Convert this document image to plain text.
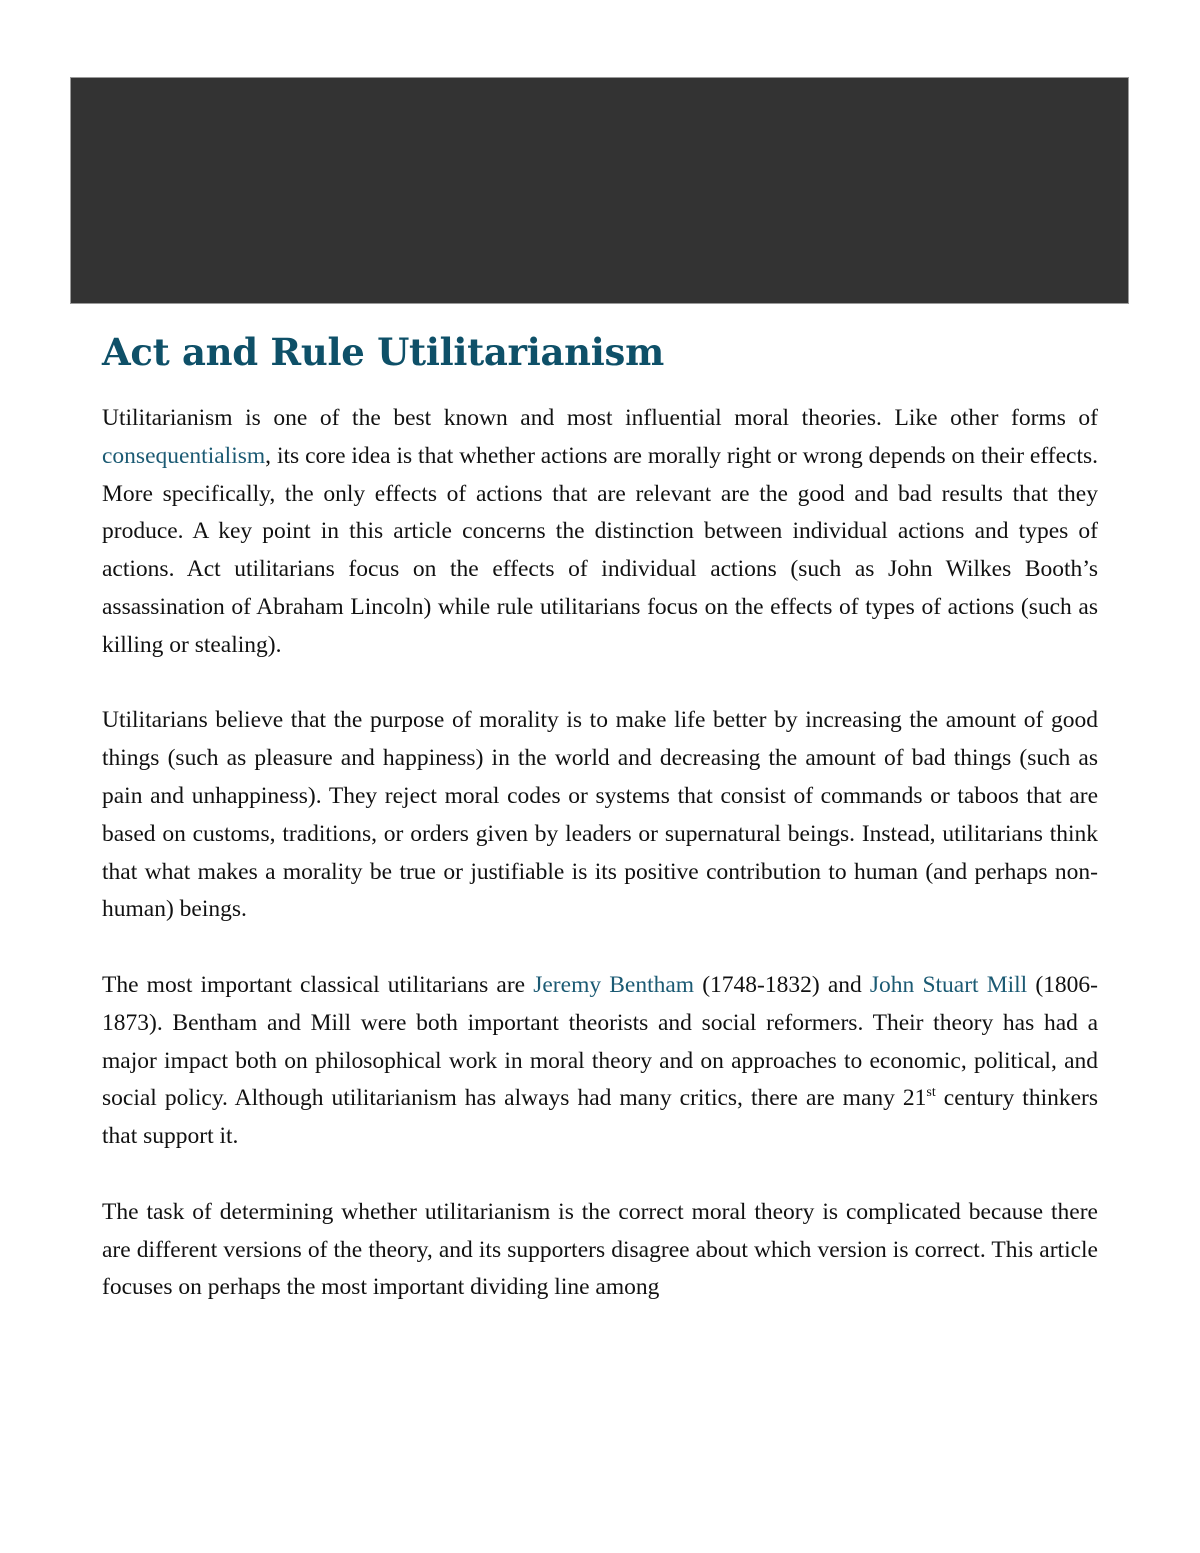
Act and Rule Utilitarianism

Utilitarianism is one of the best known and most influential moral theories. Like other forms of consequentialism, its core idea is that whether actions are morally right or wrong depends on their effects. More specifically, the only effects of actions that are relevant are the good and bad results that they produce. A key point in this article concerns the distinction between individual actions and types of actions. Act utilitarians focus on the effects of individual actions (such as John Wilkes Booth’s assassination of Abraham Lincoln) while rule utilitarians focus on the effects of types of actions (such as killing or stealing).

Utilitarians believe that the purpose of morality is to make life better by increasing the amount of good things (such as pleasure and happiness) in the world and decreasing the amount of bad things (such as pain and unhappiness). They reject moral codes or systems that consist of commands or taboos that are based on customs, traditions, or orders given by leaders or supernatural beings. Instead, utilitarians think that what makes a morality be true or justifiable is its positive contribution to human (and perhaps non-human) beings.

The most important classical utilitarians are Jeremy Bentham (1748-1832) and John Stuart Mill (1806-1873). Bentham and Mill were both important theorists and social reformers. Their theory has had a major impact both on philosophical work in moral theory and on approaches to economic, political, and social policy. Although utilitarianism has always had many critics, there are many 21st century thinkers that support it.

The task of determining whether utilitarianism is the correct moral theory is complicated because there are different versions of the theory, and its supporters disagree about which version is correct. This article focuses on perhaps the most important dividing line among
